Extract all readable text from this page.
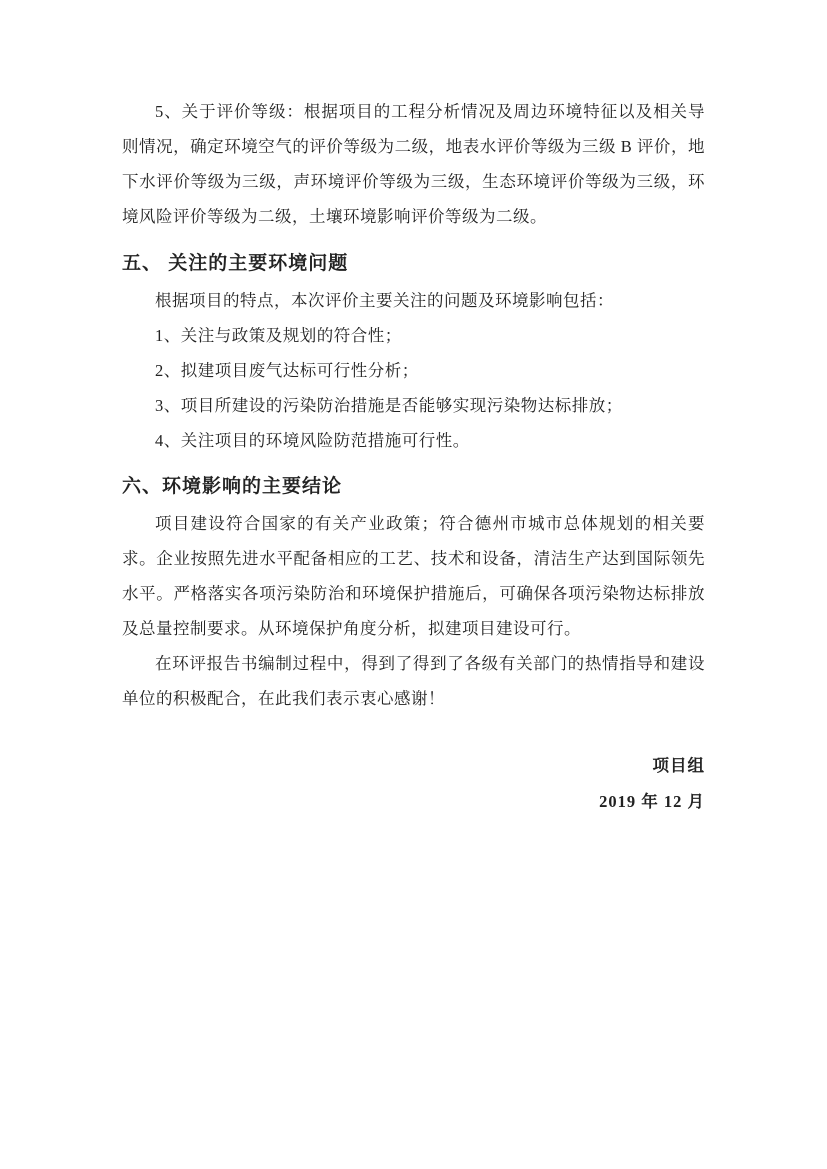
5、关于评价等级：根据项目的工程分析情况及周边环境特征以及相关导则情况，确定环境空气的评价等级为二级，地表水评价等级为三级 B 评价，地下水评价等级为三级，声环境评价等级为三级，生态环境评价等级为三级，环境风险评价等级为二级，土壤环境影响评价等级为二级。

五、 关注的主要环境问题

根据项目的特点，本次评价主要关注的问题及环境影响包括：

1、关注与政策及规划的符合性；

2、拟建项目废气达标可行性分析；

3、项目所建设的污染防治措施是否能够实现污染物达标排放；

4、关注项目的环境风险防范措施可行性。

六、环境影响的主要结论

项目建设符合国家的有关产业政策；符合德州市城市总体规划的相关要求。企业按照先进水平配备相应的工艺、技术和设备，清洁生产达到国际领先水平。严格落实各项污染防治和环境保护措施后，可确保各项污染物达标排放及总量控制要求。从环境保护角度分析，拟建项目建设可行。

在环评报告书编制过程中，得到了得到了各级有关部门的热情指导和建设单位的积极配合，在此我们表示衷心感谢！

项目组

2019 年 12 月
